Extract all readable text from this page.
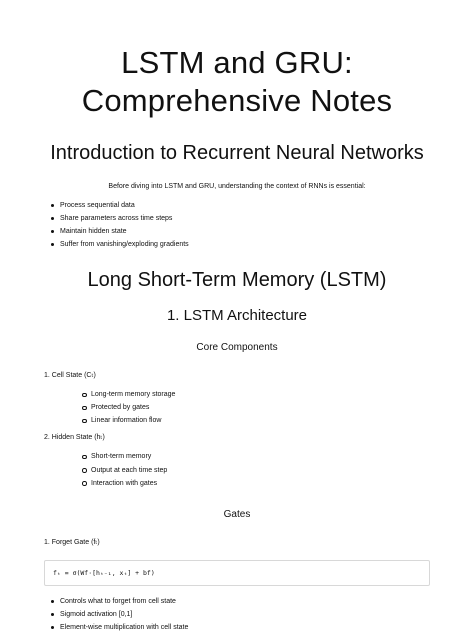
LSTM and GRU:
Comprehensive Notes
Introduction to Recurrent Neural Networks

Before diving into LSTM and GRU, understanding the context of RNNs is essential:

Process sequential data
Share parameters across time steps
Maintain hidden state
Suffer from vanishing/exploding gradients
Long Short-Term Memory (LSTM)
1. LSTM Architecture
Core Components

1. Cell State (Cₜ)

Long-term memory storage
Protected by gates
Linear information flow

2. Hidden State (hₜ)

Short-term memory
Output at each time step
Interaction with gates
Gates

1. Forget Gate (fₜ)

fₜ = σ(Wf·[hₜ₋₁, xₜ] + bf)
Controls what to forget from cell state
Sigmoid activation [0,1]
Element-wise multiplication with cell state
